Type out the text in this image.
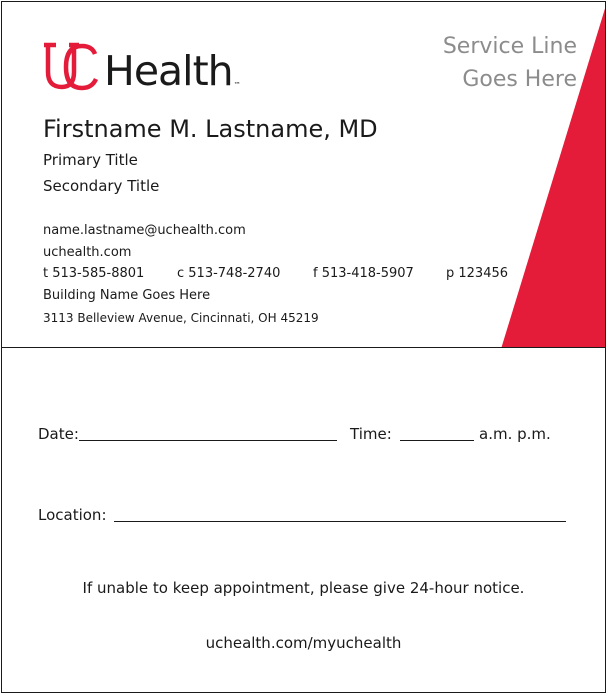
Health ™
Service Line
Goes Here
Firstname M. Lastname, MD
Primary Title
Secondary Title
name.lastname@uchealth.com
uchealth.com
t 513-585-8801	c 513-748-2740	f 513-418-5907 p 123456
Building Name Goes Here
3113 Belleview Avenue, Cincinnati, OH 45219
Date:	Time:	a.m. p.m.
Location:
If unable to keep appointment, please give 24-hour notice.
uchealth.com/myuchealth
